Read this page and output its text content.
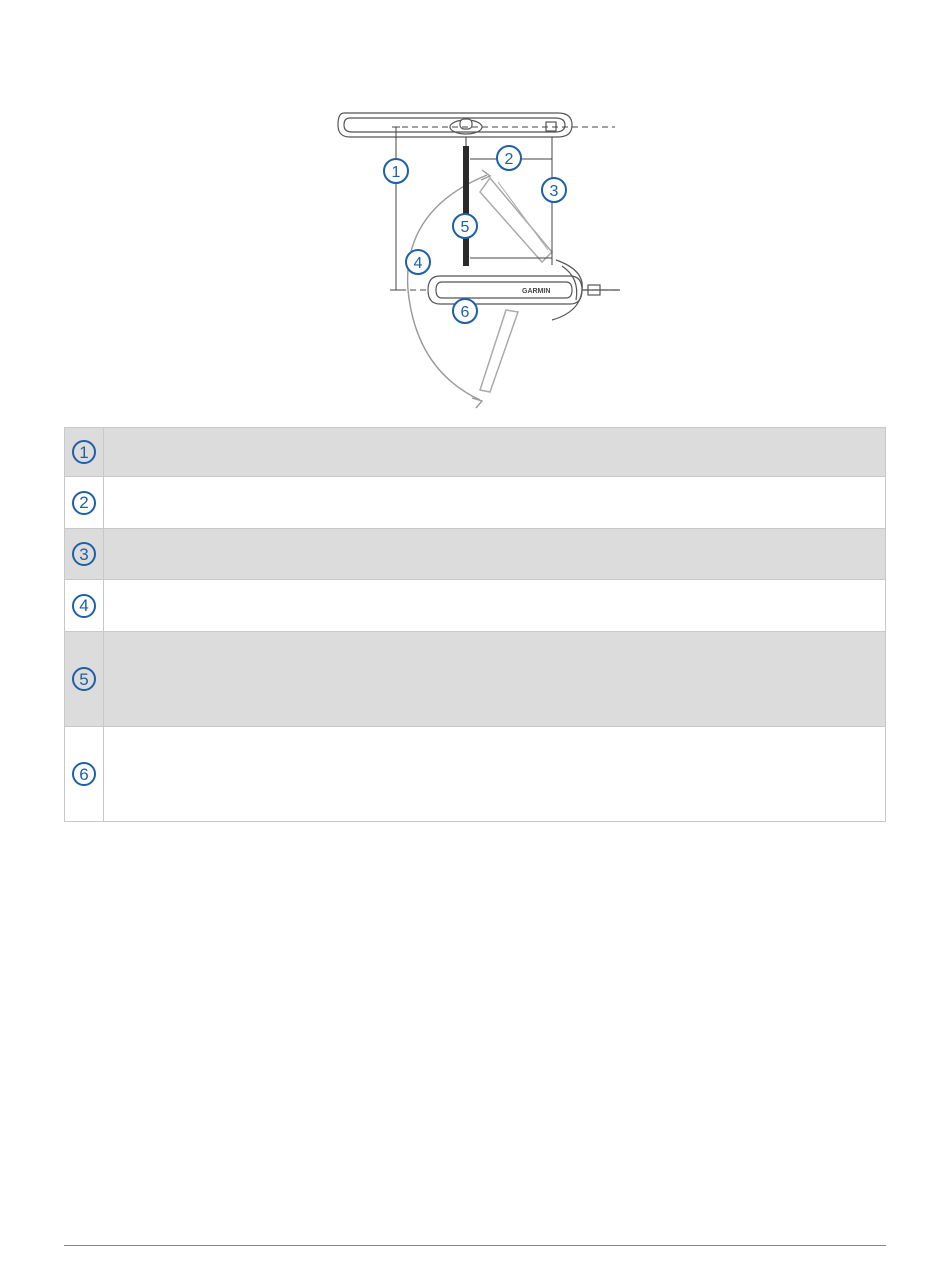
GARMIN
1
2
3
4
5
6
1	
2	
3	
4	
5	
6	
